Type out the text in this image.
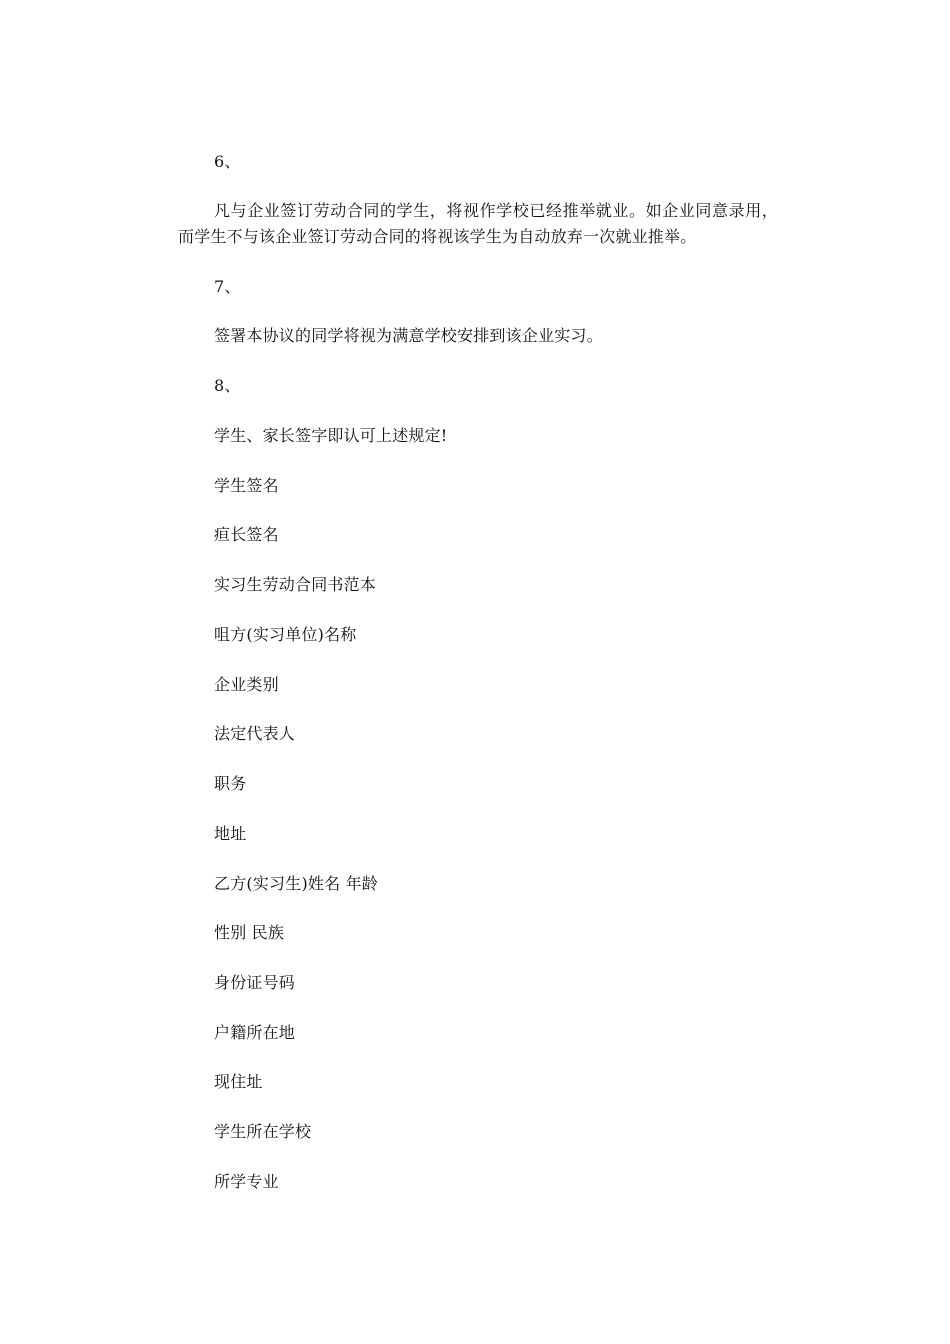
6、
凡与企业签订劳动合同的学生，将视作学校已经推举就业。如企业同意录用，而学生不与该企业签订劳动合同的将视该学生为自动放弃一次就业推举。
7、
签署本协议的同学将视为满意学校安排到该企业实习。
8、
学生、家长签字即认可上述规定!
学生签名
疸长签名
实习生劳动合同书范本
咀方(实习单位)名称
企业类别
法定代表人
职务
地址
乙方(实习生)姓名 年龄
性别 民族
身份证号码
户籍所在地
现住址
学生所在学校
所学专业
